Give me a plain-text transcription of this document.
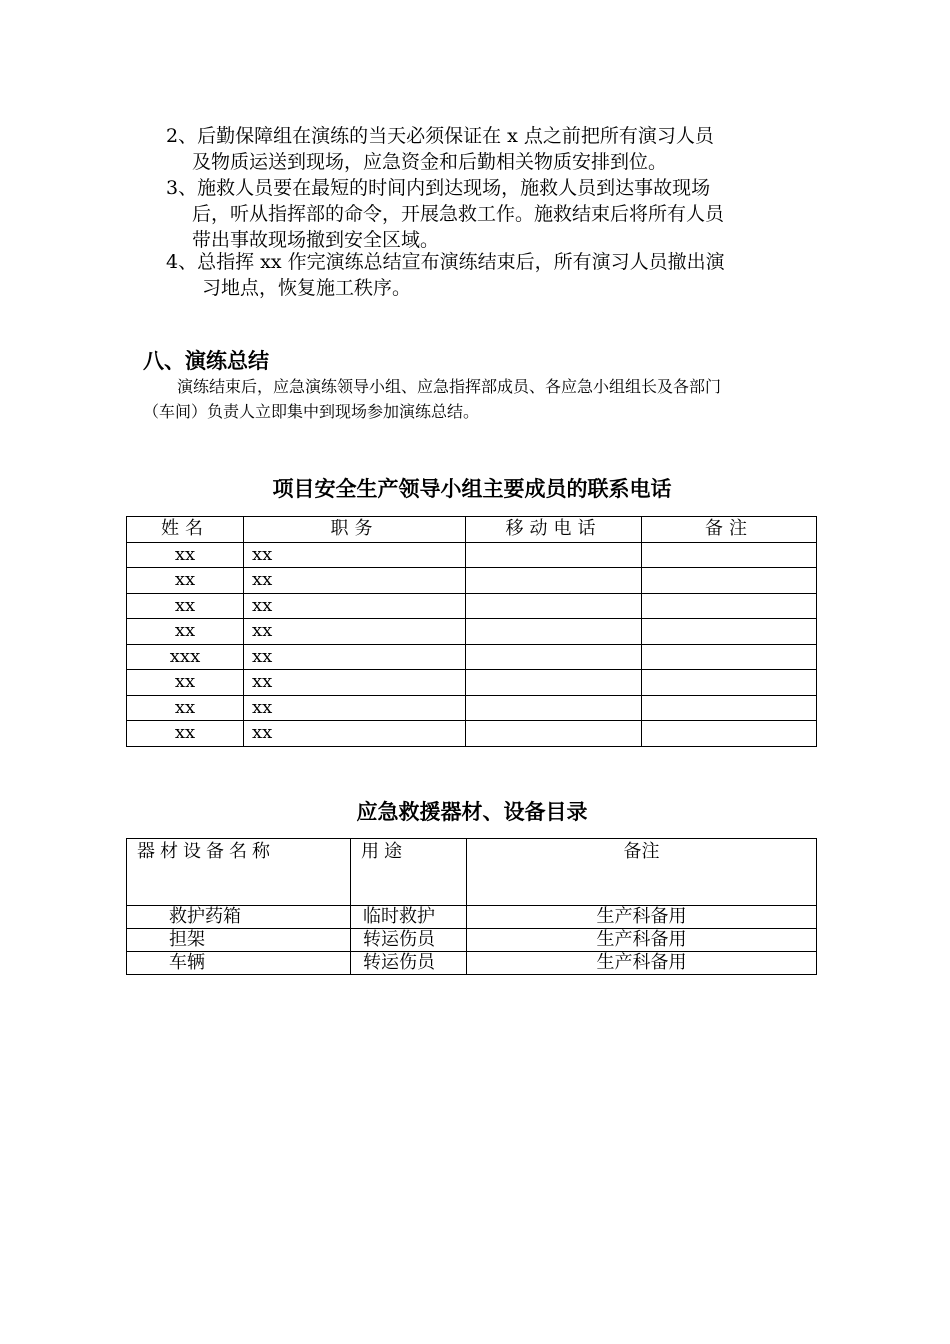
2、后勤保障组在演练的当天必须保证在 x 点之前把所有演习人员
及物质运送到现场，应急资金和后勤相关物质安排到位。
3、施救人员要在最短的时间内到达现场，施救人员到达事故现场
后，听从指挥部的命令，开展急救工作。施救结束后将所有人员
带出事故现场撤到安全区域。
4、总指挥 xx 作完演练总结宣布演练结束后，所有演习人员撤出演
习地点，恢复施工秩序。
八、演练总结
演练结束后，应急演练领导小组、应急指挥部成员、各应急小组组长及各部门
（车间）负责人立即集中到现场参加演练总结。
项目安全生产领导小组主要成员的联系电话
姓名	职务	移动电话	备注
xx	xx		
xx	xx		
xx	xx		
xx	xx		
xxx	xx		
xx	xx		
xx	xx		
xx	xx		
应急救援器材、设备目录
器材设备名称	用途	备注
救护药箱	临时救护	生产科备用
担架	转运伤员	生产科备用
车辆	转运伤员	生产科备用
